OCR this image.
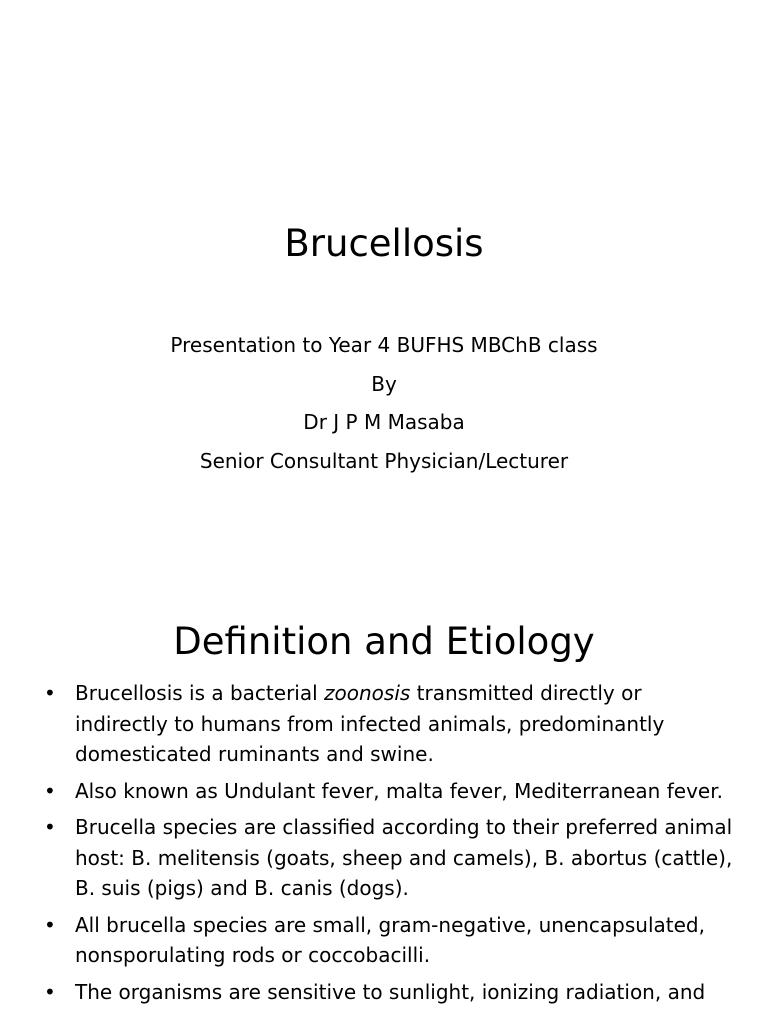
Brucellosis
Presentation to Year 4 BUFHS MBChB class
By
Dr J P M Masaba
Senior Consultant Physician/Lecturer
Definition and Etiology
• Brucellosis is a bacterial zoonosis transmitted directly or indirectly to humans from infected animals, predominantly domesticated ruminants and swine.
• Also known as Undulant fever, malta fever, Mediterranean fever.
• Brucella species are classified according to their preferred animal host: B. melitensis (goats, sheep and camels), B. abortus (cattle), B. suis (pigs) and B. canis (dogs).
• All brucella species are small, gram-negative, unencapsulated, nonsporulating rods or coccobacilli.
• The organisms are sensitive to sunlight, ionizing radiation, and
